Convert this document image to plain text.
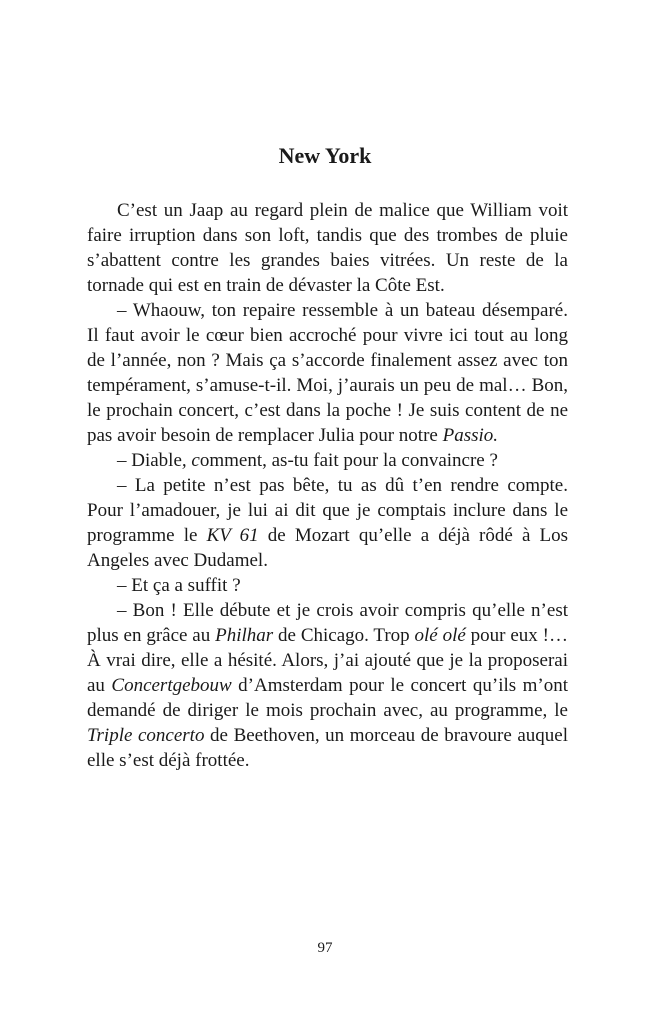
New York

C’est un Jaap au regard plein de malice que William voit faire irruption dans son loft, tandis que des trombes de pluie s’abattent contre les grandes baies vitrées. Un reste de la tornade qui est en train de dévaster la Côte Est.

– Whaouw, ton repaire ressemble à un bateau désemparé. Il faut avoir le cœur bien accroché pour vivre ici tout au long de l’année, non ? Mais ça s’accorde finalement assez avec ton tempérament, s’amuse-t-il. Moi, j’aurais un peu de mal… Bon, le prochain concert, c’est dans la poche ! Je suis content de ne pas avoir besoin de remplacer Julia pour notre Passio.

– Diable, comment, as-tu fait pour la convaincre ?

– La petite n’est pas bête, tu as dû t’en rendre compte. Pour l’amadouer, je lui ai dit que je comptais inclure dans le programme le KV 61 de Mozart qu’elle a déjà rôdé à Los Angeles avec Dudamel.

– Et ça a suffit ?

– Bon ! Elle débute et je crois avoir compris qu’elle n’est plus en grâce au Philhar de Chicago. Trop olé olé pour eux !… À vrai dire, elle a hésité. Alors, j’ai ajouté que je la proposerai au Concertgebouw d’Amsterdam pour le concert qu’ils m’ont demandé de diriger le mois prochain avec, au programme, le Triple concerto de Beethoven, un morceau de bravoure auquel elle s’est déjà frottée.

97
